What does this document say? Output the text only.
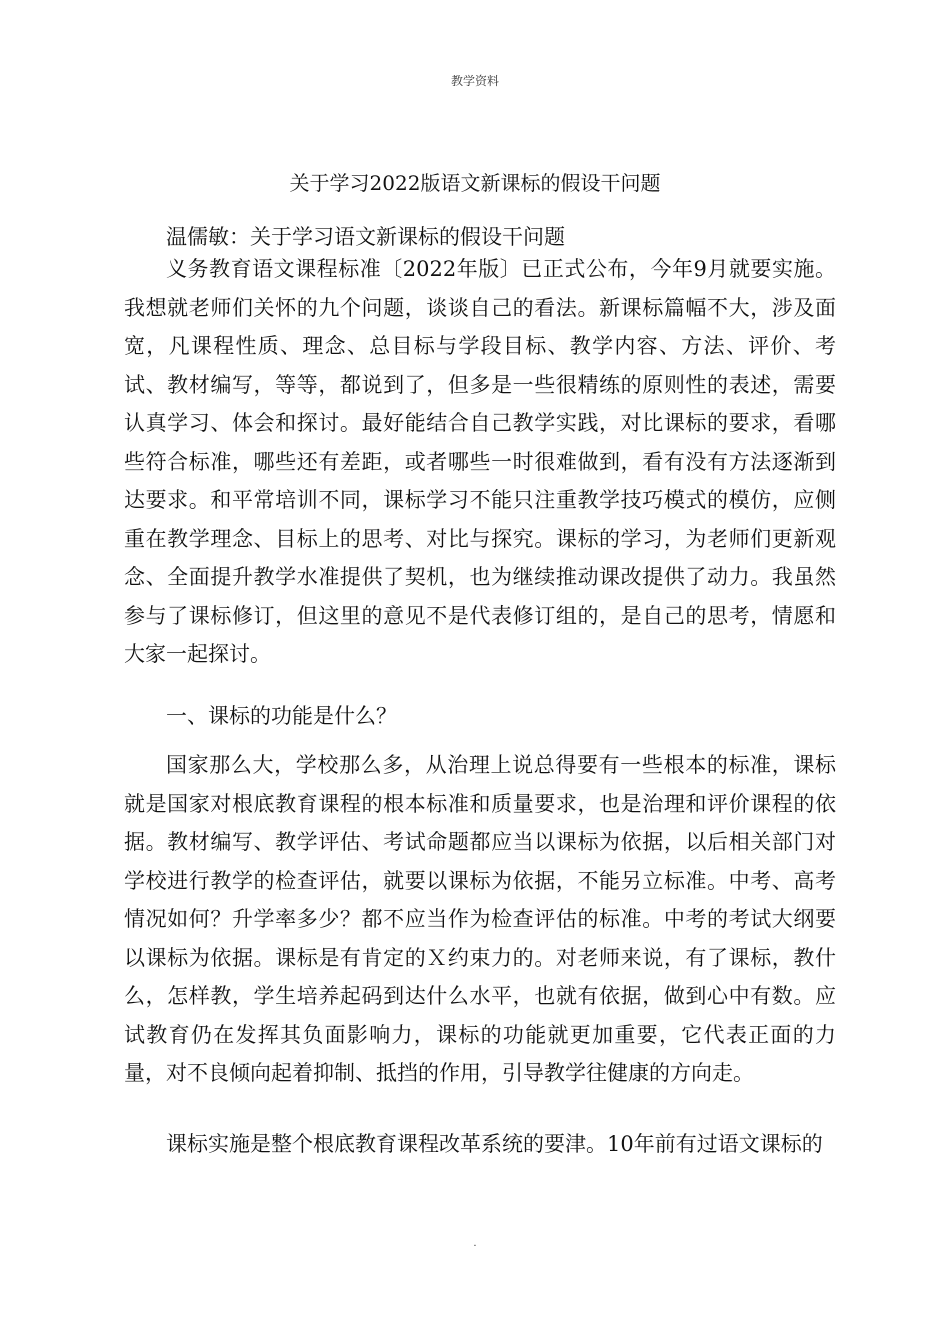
教学资料
关于学习2022版语文新课标的假设干问题

温儒敏：关于学习语文新课标的假设干问题

义务教育语文课程标准〔2022年版〕已正式公布，今年9月就要实施。我想就老师们关怀的九个问题，谈谈自己的看法。新课标篇幅不大，涉及面宽，凡课程性质、理念、总目标与学段目标、教学内容、方法、评价、考试、教材编写，等等，都说到了，但多是一些很精练的原则性的表述，需要认真学习、体会和探讨。最好能结合自己教学实践，对比课标的要求，看哪些符合标准，哪些还有差距，或者哪些一时很难做到，看有没有方法逐渐到达要求。和平常培训不同，课标学习不能只注重教学技巧模式的模仿，应侧重在教学理念、目标上的思考、对比与探究。课标的学习，为老师们更新观念、全面提升教学水准提供了契机，也为继续推动课改提供了动力。我虽然参与了课标修订，但这里的意见不是代表修订组的，是自己的思考，情愿和大家一起探讨。

一、课标的功能是什么？

国家那么大，学校那么多，从治理上说总得要有一些根本的标准，课标就是国家对根底教育课程的根本标准和质量要求，也是治理和评价课程的依据。教材编写、教学评估、考试命题都应当以课标为依据，以后相关部门对学校进行教学的检查评估，就要以课标为依据，不能另立标准。中考、高考情况如何？升学率多少？都不应当作为检查评估的标准。中考的考试大纲要以课标为依据。课标是有肯定的Ｘ约束力的。对老师来说，有了课标，教什么，怎样教，学生培养起码到达什么水平，也就有依据，做到心中有数。应试教育仍在发挥其负面影响力，课标的功能就更加重要，它代表正面的力量，对不良倾向起着抑制、抵挡的作用，引导教学往健康的方向走。

课标实施是整个根底教育课程改革系统的要津。10年前有过语文课标的

.
